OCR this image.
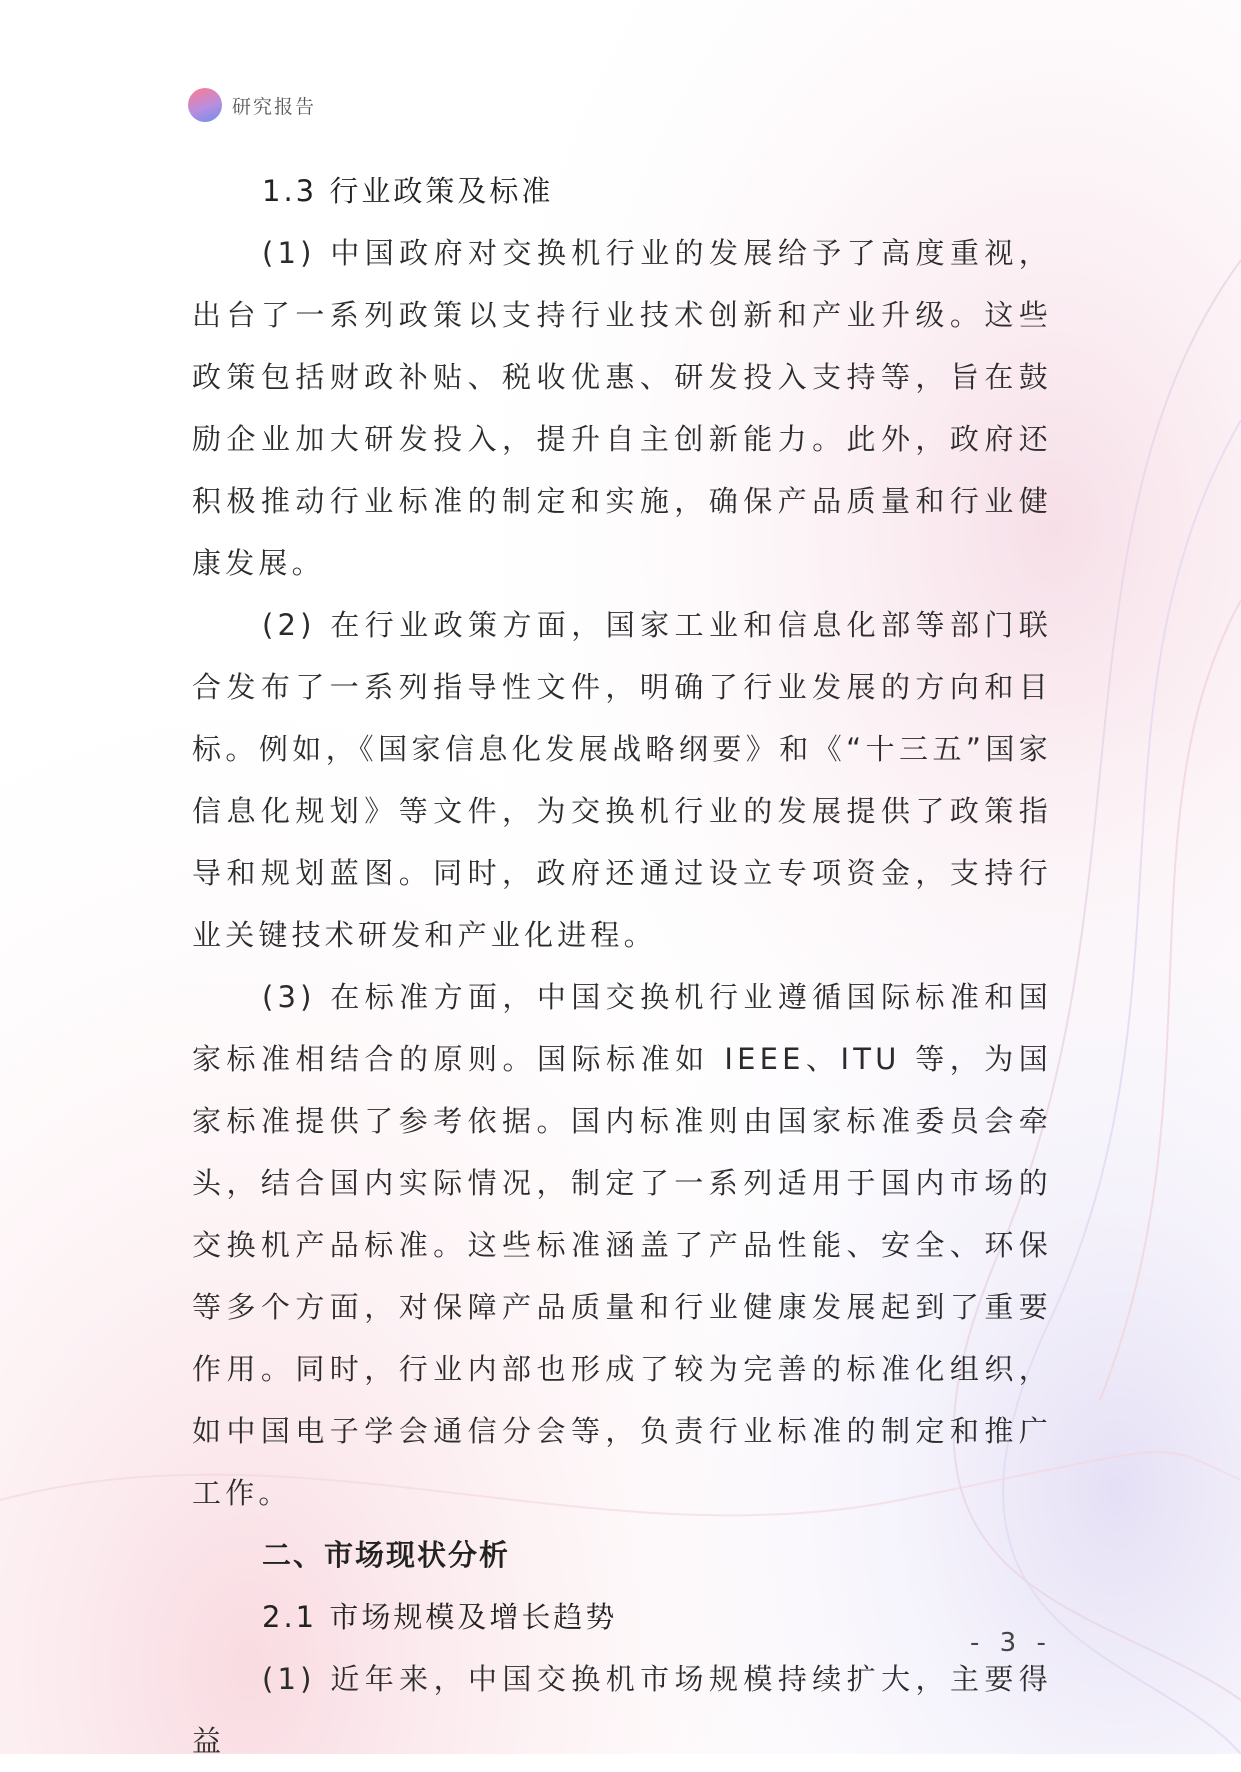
研究报告
1.3 行业政策及标准

(1) 中国政府对交换机行业的发展给予了高度重视，出台了一系列政策以支持行业技术创新和产业升级。这些政策包括财政补贴、税收优惠、研发投入支持等，旨在鼓励企业加大研发投入，提升自主创新能力。此外，政府还积极推动行业标准的制定和实施，确保产品质量和行业健康发展。

(2) 在行业政策方面，国家工业和信息化部等部门联合发布了一系列指导性文件，明确了行业发展的方向和目标。例如，《国家信息化发展战略纲要》和《“十三五”国家信息化规划》等文件，为交换机行业的发展提供了政策指导和规划蓝图。同时，政府还通过设立专项资金，支持行业关键技术研发和产业化进程。

(3) 在标准方面，中国交换机行业遵循国际标准和国家标准相结合的原则。国际标准如 IEEE、ITU 等，为国家标准提供了参考依据。国内标准则由国家标准委员会牵头，结合国内实际情况，制定了一系列适用于国内市场的交换机产品标准。这些标准涵盖了产品性能、安全、环保等多个方面，对保障产品质量和行业健康发展起到了重要作用。同时，行业内部也形成了较为完善的标准化组织，如中国电子学会通信分会等，负责行业标准的制定和推广工作。

二、市场现状分析
2.1 市场规模及增长趋势

(1) 近年来，中国交换机市场规模持续扩大，主要得益

- 3 -
